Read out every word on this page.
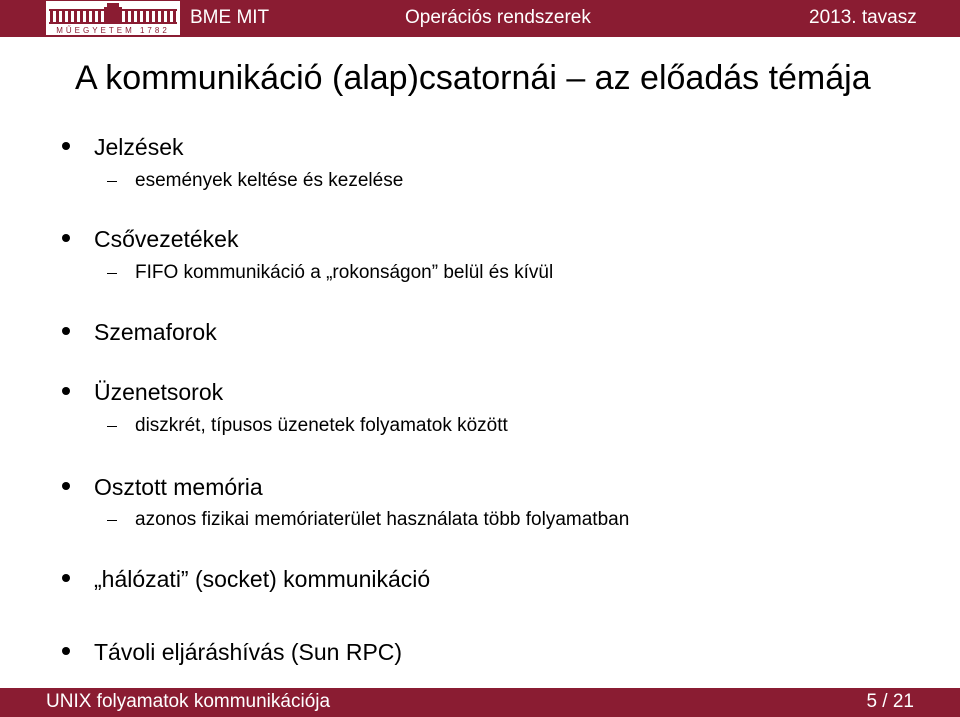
MŰEGYETEM 1782
BME MIT	Operációs rendszerek	2013. tavasz
A kommunikáció (alap)csatornái – az előadás témája
Jelzések
események keltése és kezelése
Csővezetékek
FIFO kommunikáció a „rokonságon” belül és kívül
Szemaforok
Üzenetsorok
diszkrét, típusos üzenetek folyamatok között
Osztott memória
azonos fizikai memóriaterület használata több folyamatban
„hálózati” (socket) kommunikáció
Távoli eljáráshívás (Sun RPC)
UNIX folyamatok kommunikációja	5 / 21
